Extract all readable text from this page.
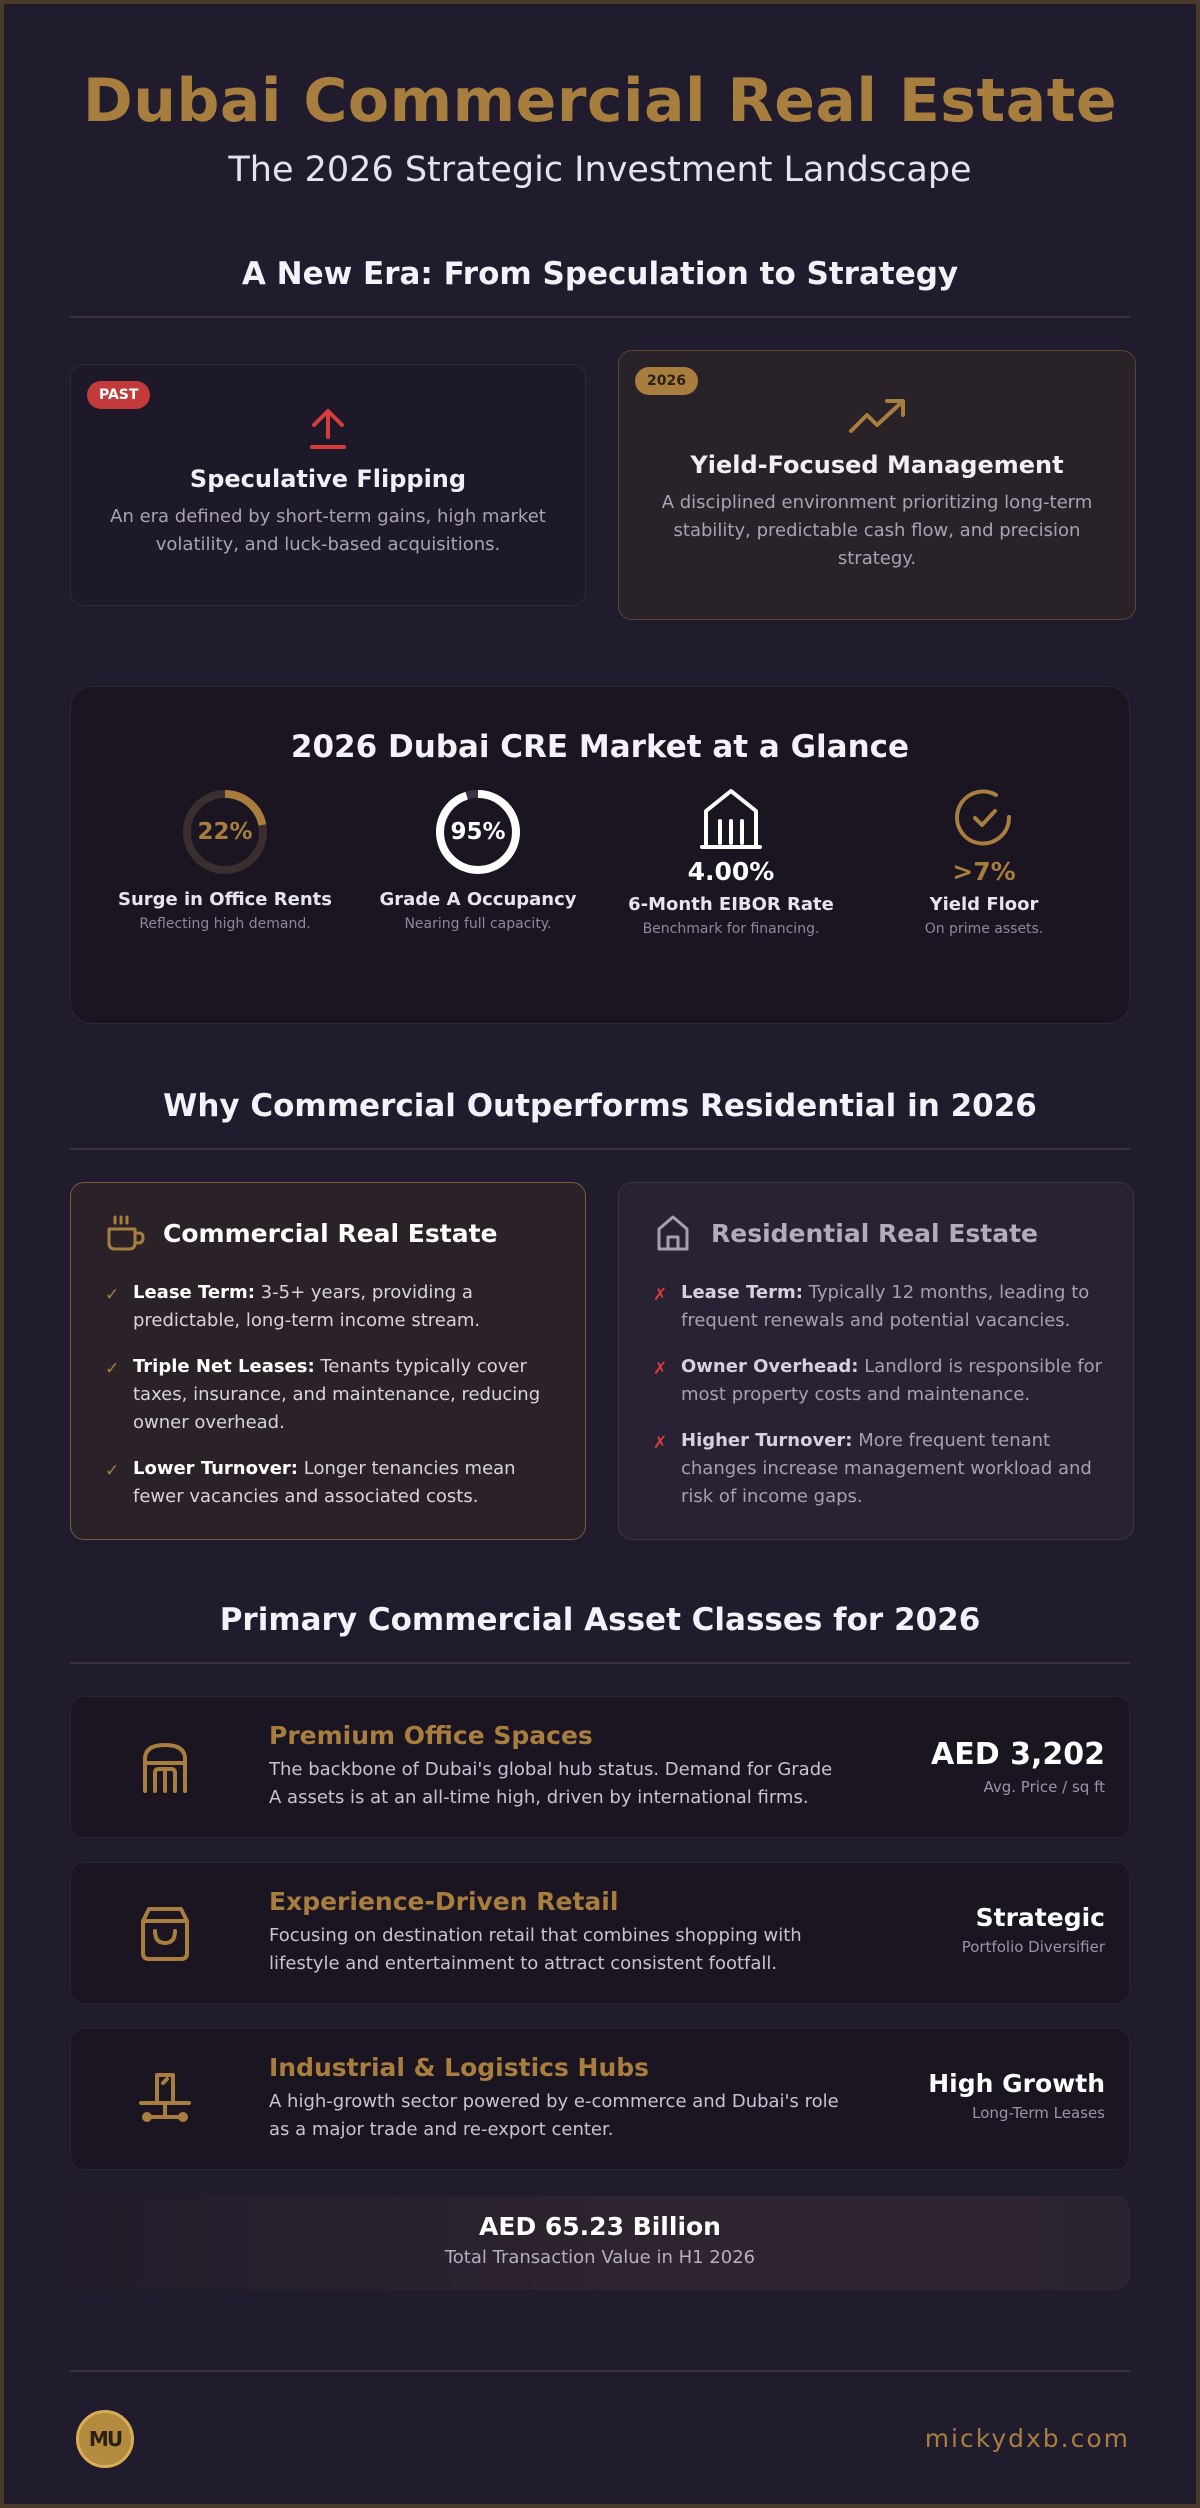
Dubai Commercial Real Estate
The 2026 Strategic Investment Landscape
A New Era: From Speculation to Strategy
PAST
Speculative Flipping
An era defined by short-term gains, high market volatility, and luck-based acquisitions.
2026
Yield-Focused Management
A disciplined environment prioritizing long-term stability, predictable cash flow, and precision strategy.
2026 Dubai CRE Market at a Glance
22%
Surge in Office Rents
Reflecting high demand.
95%
Grade A Occupancy
Nearing full capacity.
4.00%
6-Month EIBOR Rate
Benchmark for financing.
>7%
Yield Floor
On prime assets.
Why Commercial Outperforms Residential in 2026
Commercial Real Estate
✓ Lease Term: 3-5+ years, providing a predictable, long-term income stream.
✓ Triple Net Leases: Tenants typically cover taxes, insurance, and maintenance, reducing owner overhead.
✓ Lower Turnover: Longer tenancies mean fewer vacancies and associated costs.
Residential Real Estate
✗ Lease Term: Typically 12 months, leading to frequent renewals and potential vacancies.
✗ Owner Overhead: Landlord is responsible for most property costs and maintenance.
✗ Higher Turnover: More frequent tenant changes increase management workload and risk of income gaps.
Primary Commercial Asset Classes for 2026
Premium Office Spaces
The backbone of Dubai's global hub status. Demand for Grade A assets is at an all-time high, driven by international firms.
AED 3,202
Avg. Price / sq ft
Experience-Driven Retail
Focusing on destination retail that combines shopping with lifestyle and entertainment to attract consistent footfall.
Strategic
Portfolio Diversifier
Industrial & Logistics Hubs
A high-growth sector powered by e-commerce and Dubai's role as a major trade and re-export center.
High Growth
Long-Term Leases
AED 65.23 Billion
Total Transaction Value in H1 2026
MU	mickydxb.com
